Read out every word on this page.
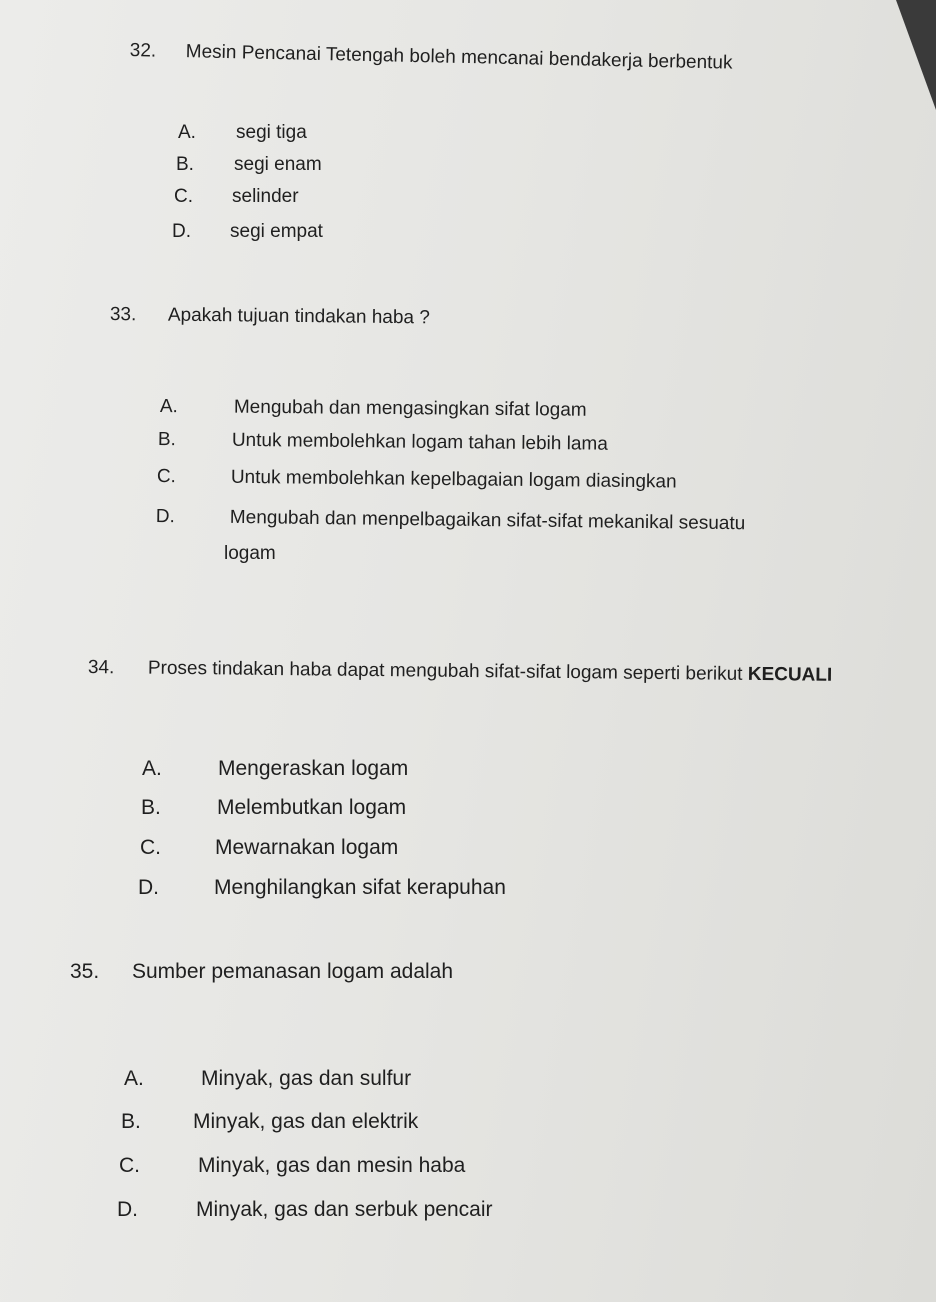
32. Mesin Pencanai Tetengah boleh mencanai bendakerja berbentuk
A. segi tiga
B. segi enam
C. selinder
D. segi empat
33. Apakah tujuan tindakan haba ?
A.	Mengubah dan mengasingkan sifat logam
B.	Untuk membolehkan logam tahan lebih lama
C.	Untuk membolehkan kepelbagaian logam diasingkan
D.	Mengubah dan menpelbagaikan sifat-sifat mekanikal sesuatu
logam
34. Proses tindakan haba dapat mengubah sifat-sifat logam seperti berikut KECUALI
A.	Mengeraskan logam
B.	Melembutkan logam
C.	Mewarnakan logam
D.	Menghilangkan sifat kerapuhan
35. Sumber pemanasan logam adalah
A.	Minyak, gas dan sulfur
B. Minyak, gas dan elektrik
C.	Minyak, gas dan mesin haba
D.	Minyak, gas dan serbuk pencair
